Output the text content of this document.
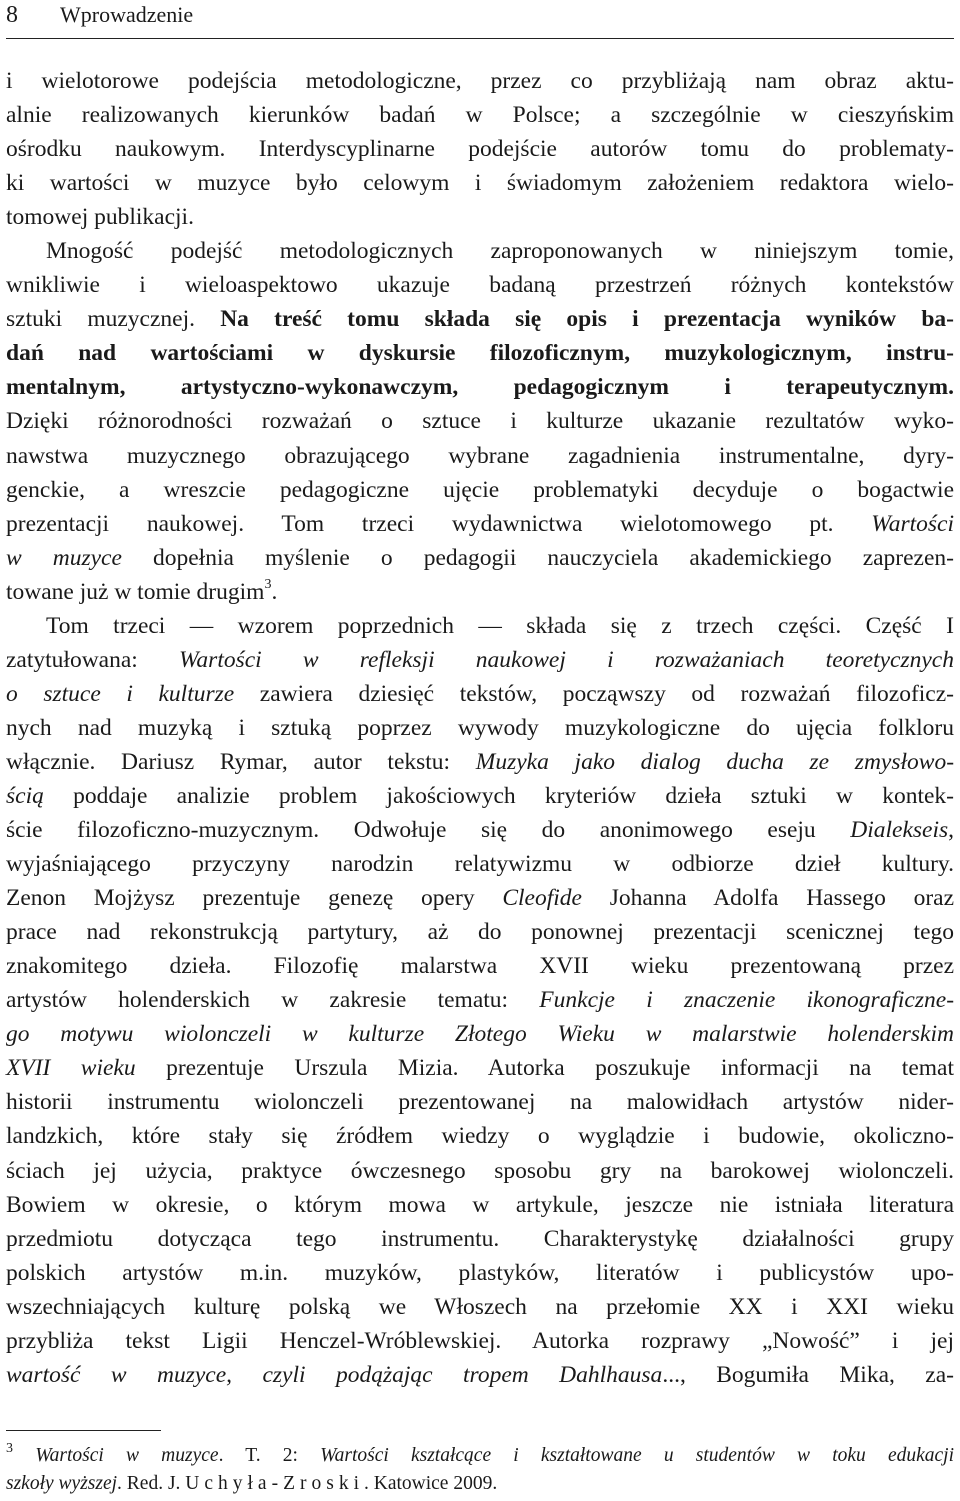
8 Wprowadzenie

i wielotorowe podejścia metodologiczne, przez co przybliżają nam obraz aktu-
alnie realizowanych kierunków badań w Polsce; a szczególnie w cieszyńskim
ośrodku naukowym. Interdyscyplinarne podejście autorów tomu do problematy-
ki wartości w muzyce było celowym i świadomym założeniem redaktora wielo-
tomowej publikacji.

Mnogość podejść metodologicznych zaproponowanych w niniejszym tomie,
wnikliwie i wieloaspektowo ukazuje badaną przestrzeń różnych kontekstów
sztuki muzycznej. Na treść tomu składa się opis i prezentacja wyników ba-
dań nad wartościami w dyskursie filozoficznym, muzykologicznym, instru-
mentalnym, artystyczno-wykonawczym, pedagogicznym i terapeutycznym.
Dzięki różnorodności rozważań o sztuce i kulturze ukazanie rezultatów wyko-
nawstwa muzycznego obrazującego wybrane zagadnienia instrumentalne, dyry-
genckie, a wreszcie pedagogiczne ujęcie problematyki decyduje o bogactwie
prezentacji naukowej. Tom trzeci wydawnictwa wielotomowego pt. Wartości
w muzyce dopełnia myślenie o pedagogii nauczyciela akademickiego zaprezen-
towane już w tomie drugim$^3$.

Tom trzeci — wzorem poprzednich — składa się z trzech części. Część I
zatytułowana: Wartości w refleksji naukowej i rozważaniach teoretycznych
o sztuce i kulturze zawiera dziesięć tekstów, począwszy od rozważań filozoficz-
nych nad muzyką i sztuką poprzez wywody muzykologiczne do ujęcia folkloru
włącznie. Dariusz Rymar, autor tekstu: Muzyka jako dialog ducha ze zmysłowo-
ścią poddaje analizie problem jakościowych kryteriów dzieła sztuki w kontek-
ście filozoficzno-muzycznym. Odwołuje się do anonimowego eseju Dialekseis,
wyjaśniającego przyczyny narodzin relatywizmu w odbiorze dzieł kultury.
Zenon Mojżysz prezentuje genezę opery Cleofide Johanna Adolfa Hassego oraz
prace nad rekonstrukcją partytury, aż do ponownej prezentacji scenicznej tego
znakomitego dzieła. Filozofię malarstwa XVII wieku prezentowaną przez
artystów holenderskich w zakresie tematu: Funkcje i znaczenie ikonograficzne-
go motywu wiolonczeli w kulturze Złotego Wieku w malarstwie holenderskim
XVII wieku prezentuje Urszula Mizia. Autorka poszukuje informacji na temat
historii instrumentu wiolonczeli prezentowanej na malowidłach artystów nider-
landzkich, które stały się źródłem wiedzy o wyglądzie i budowie, okoliczno-
ściach jej użycia, praktyce ówczesnego sposobu gry na barokowej wiolonczeli.
Bowiem w okresie, o którym mowa w artykule, jeszcze nie istniała literatura
przedmiotu dotycząca tego instrumentu. Charakterystykę działalności grupy
polskich artystów m.in. muzyków, plastyków, literatów i publicystów upo-
wszechniających kulturę polską we Włoszech na przełomie XX i XXI wieku
przybliża tekst Ligii Henczel-Wróblewskiej. Autorka rozprawy „Nowość” i jej
wartość w muzyce, czyli podążając tropem Dahlhausa..., Bogumiła Mika, za-

$^3$ Wartości w muzyce. T. 2: Wartości kształcące i kształtowane u studentów w toku edukacji
szkoły wyższej. Red. J. Uchyła-Zroski. Katowice 2009.
